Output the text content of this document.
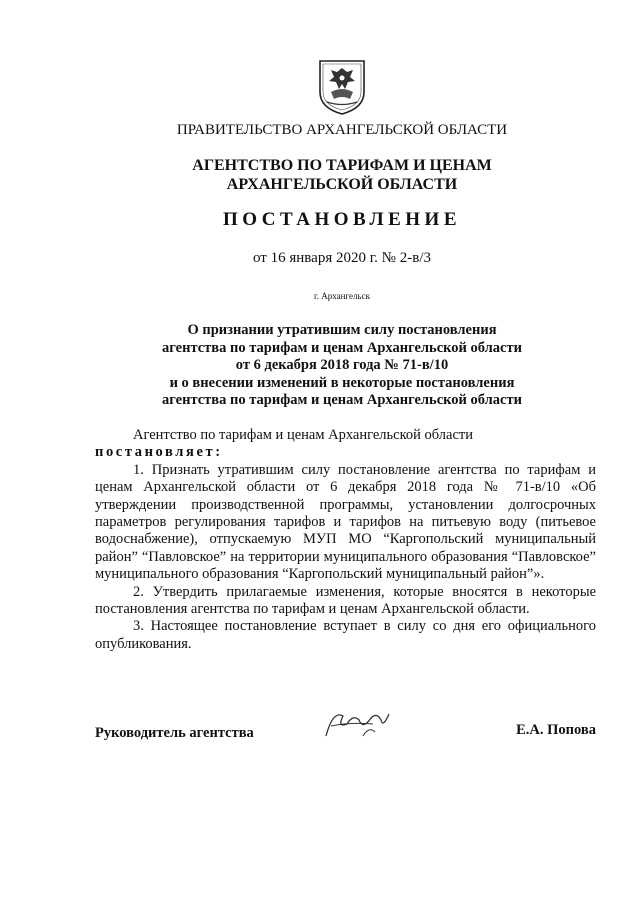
ПРАВИТЕЛЬСТВО АРХАНГЕЛЬСКОЙ ОБЛАСТИ
АГЕНТСТВО ПО ТАРИФАМ И ЦЕНАМ
АРХАНГЕЛЬСКОЙ ОБЛАСТИ
ПОСТАНОВЛЕНИЕ
от 16 января 2020 г. № 2-в/3
г. Архангельск
О признании утратившим силу постановления
агентства по тарифам и ценам Архангельской области
от 6 декабря 2018 года № 71-в/10
и о внесении изменений в некоторые постановления
агентства по тарифам и ценам Архангельской области

Агентство по тарифам и ценам Архангельской области

постановляет:

1. Признать утратившим силу постановление агентства по тарифам и ценам Архангельской области от 6 декабря 2018 года № 71-в/10 «Об утверждении производственной программы, установлении долгосрочных параметров регулирования тарифов и тарифов на питьевую воду (питьевое водоснабжение), отпускаемую МУП МО “Каргопольский муниципальный район” “Павловское” на территории муниципального образования “Павловское” муниципального образования “Каргопольский муниципальный район”».

2. Утвердить прилагаемые изменения, которые вносятся в некоторые постановления агентства по тарифам и ценам Архангельской области.

3. Настоящее постановление вступает в силу со дня его официального опубликования.

Руководитель агентства	Е.А. Попова
